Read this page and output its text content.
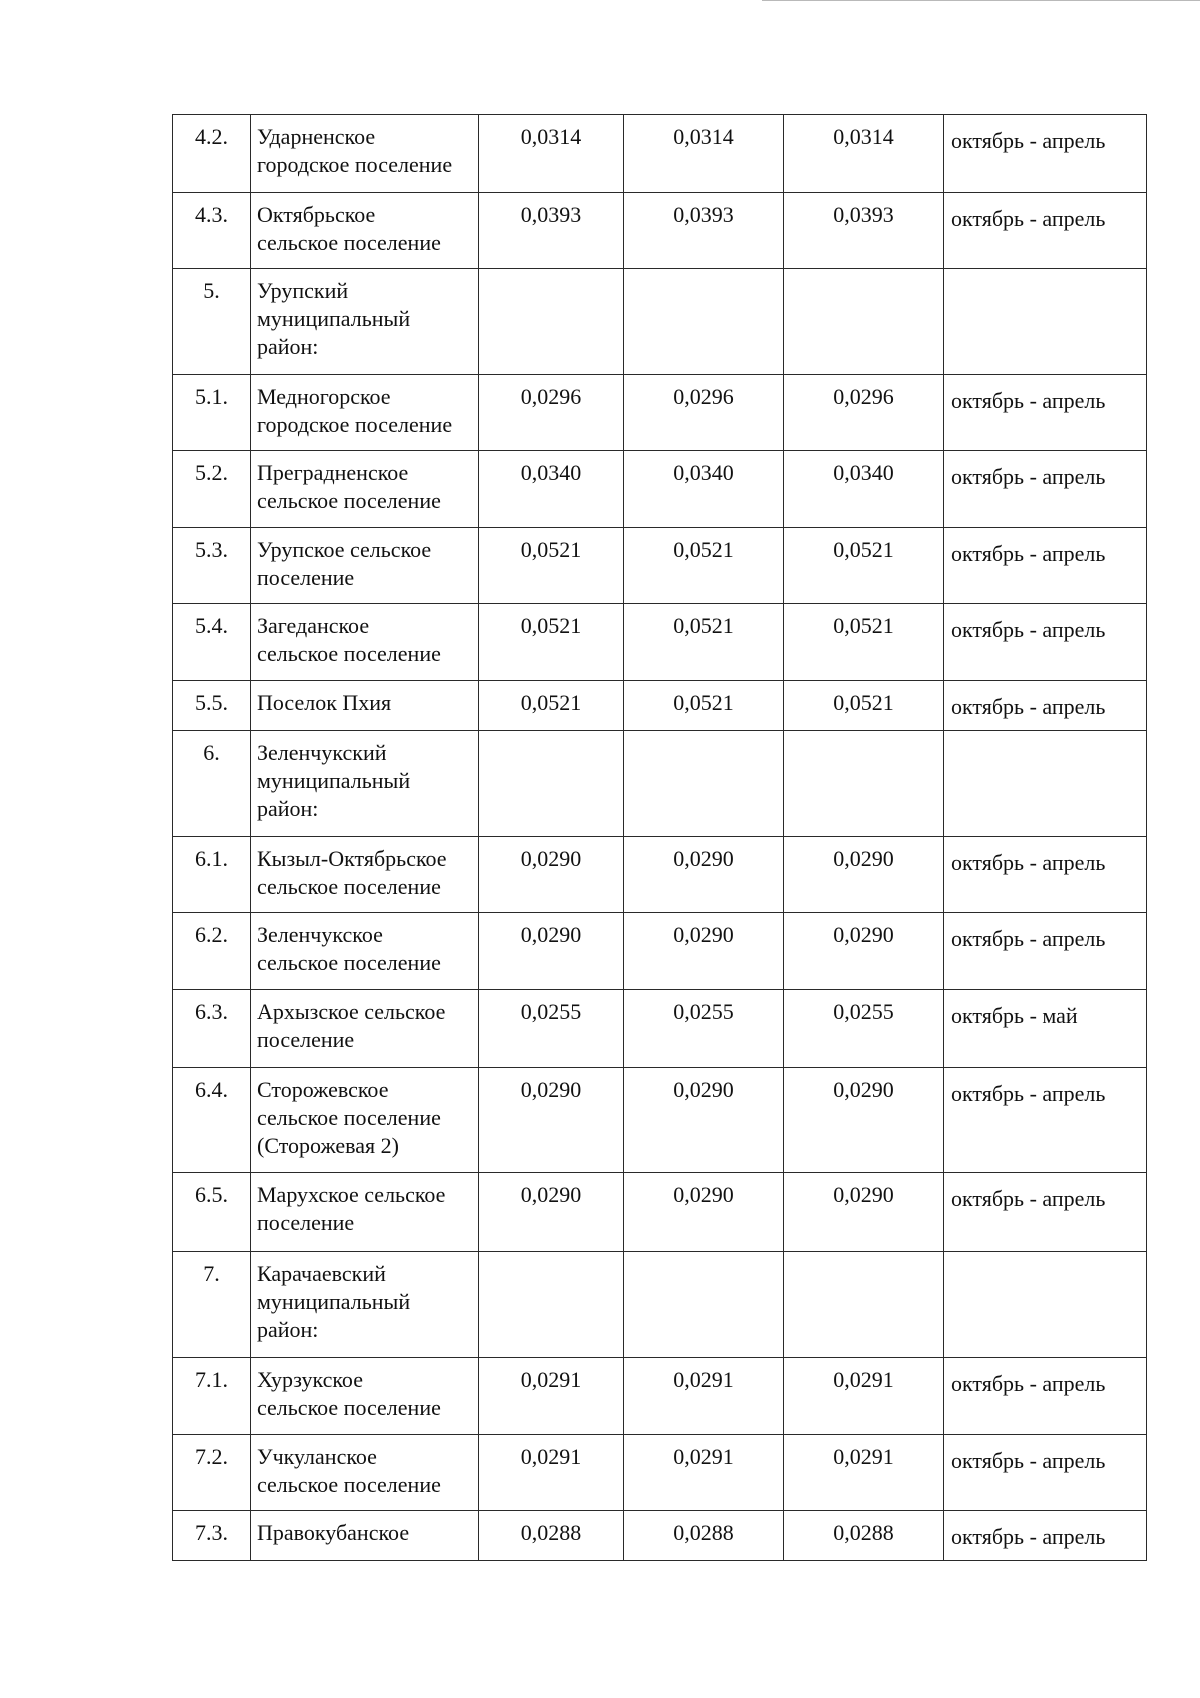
4.2.	Ударненское
городское поселение	0,0314	0,0314	0,0314	октябрь - апрель
4.3.	Октябрьское
сельское поселение	0,0393	0,0393	0,0393	октябрь - апрель
5.	Урупский
муниципальный
район:				

5.1.	Медногорское
городское поселение	0,0296	0,0296	0,0296	октябрь - апрель
5.2.	Преградненское
сельское поселение	0,0340	0,0340	0,0340	октябрь - апрель
5.3.	Урупское сельское
поселение	0,0521	0,0521	0,0521	октябрь - апрель
5.4.	Загеданское
сельское поселение	0,0521	0,0521	0,0521	октябрь - апрель
5.5.	Поселок Пхия	0,0521	0,0521	0,0521	октябрь - апрель
6.	Зеленчукский
муниципальный
район:				

6.1.	Кызыл-Октябрьское
сельское поселение	0,0290	0,0290	0,0290	октябрь - апрель
6.2.	Зеленчукское
сельское поселение	0,0290	0,0290	0,0290	октябрь - апрель
6.3.	Архызское сельское
поселение	0,0255	0,0255	0,0255	октябрь - май
6.4.	Сторожевское
сельское поселение
(Сторожевая 2)	0,0290	0,0290	0,0290	октябрь - апрель
6.5.	Марухское сельское
поселение	0,0290	0,0290	0,0290	октябрь - апрель
7.	Карачаевский
муниципальный
район:				

7.1.	Хурзукское
сельское поселение	0,0291	0,0291	0,0291	октябрь - апрель
7.2.	Учкуланское
сельское поселение	0,0291	0,0291	0,0291	октябрь - апрель
7.3.	Правокубанское	0,0288	0,0288	0,0288	октябрь - апрель
